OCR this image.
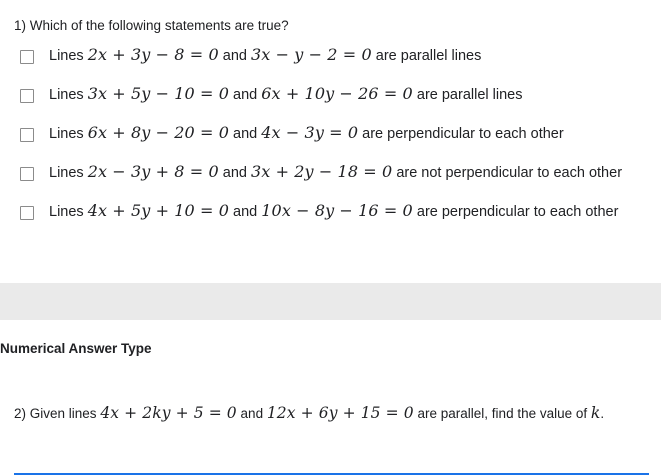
1) Which of the following statements are true?
Lines 2x + 3y − 8 = 0 and 3x − y − 2 = 0 are parallel lines
Lines 3x + 5y − 10 = 0 and 6x + 10y − 26 = 0 are parallel lines
Lines 6x + 8y − 20 = 0 and 4x − 3y = 0 are perpendicular to each other
Lines 2x − 3y + 8 = 0 and 3x + 2y − 18 = 0 are not perpendicular to each other
Lines 4x + 5y + 10 = 0 and 10x − 8y − 16 = 0 are perpendicular to each other
Numerical Answer Type
2) Given lines 4x + 2ky + 5 = 0 and 12x + 6y + 15 = 0 are parallel, find the value of k.
